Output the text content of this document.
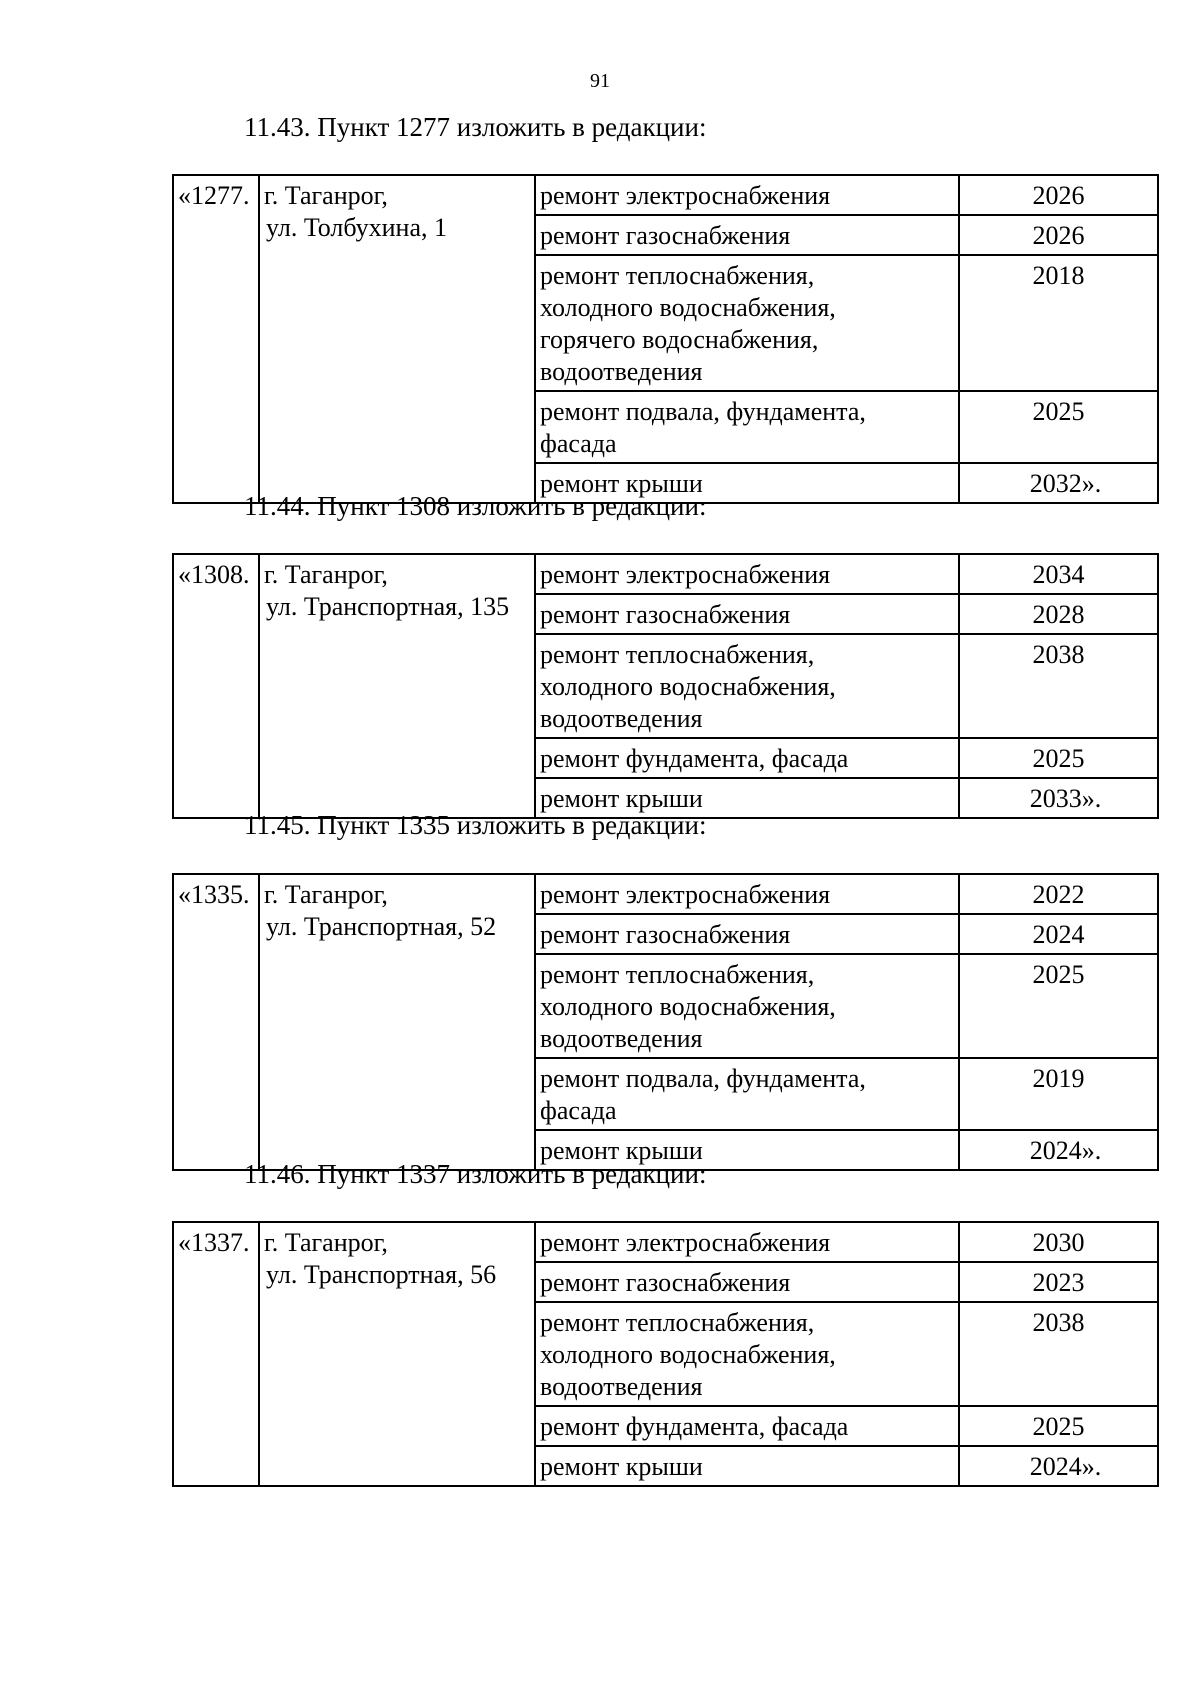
91
11.43. Пункт 1277 изложить в редакции:
«1277.	г. Таганрог,
ул. Толбухина, 1	ремонт электроснабжения	2026
		ремонт газоснабжения	2026
		ремонт теплоснабжения,
холодного водоснабжения,
горячего водоснабжения,
водоотведения	2018
		ремонт подвала, фундамента,
фасада	2025
		ремонт крыши	2032».
11.44. Пункт 1308 изложить в редакции:
«1308.	г. Таганрог,
ул. Транспортная, 135	ремонт электроснабжения	2034
		ремонт газоснабжения	2028
		ремонт теплоснабжения,
холодного водоснабжения,
водоотведения	2038
		ремонт фундамента, фасада	2025
		ремонт крыши	2033».
11.45. Пункт 1335 изложить в редакции:
«1335.	г. Таганрог,
ул. Транспортная, 52	ремонт электроснабжения	2022
		ремонт газоснабжения	2024
		ремонт теплоснабжения,
холодного водоснабжения,
водоотведения	2025
		ремонт подвала, фундамента,
фасада	2019
		ремонт крыши	2024».
11.46. Пункт 1337 изложить в редакции:
«1337.	г. Таганрог,
ул. Транспортная, 56	ремонт электроснабжения	2030
		ремонт газоснабжения	2023
		ремонт теплоснабжения,
холодного водоснабжения,
водоотведения	2038
		ремонт фундамента, фасада	2025
		ремонт крыши	2024».
